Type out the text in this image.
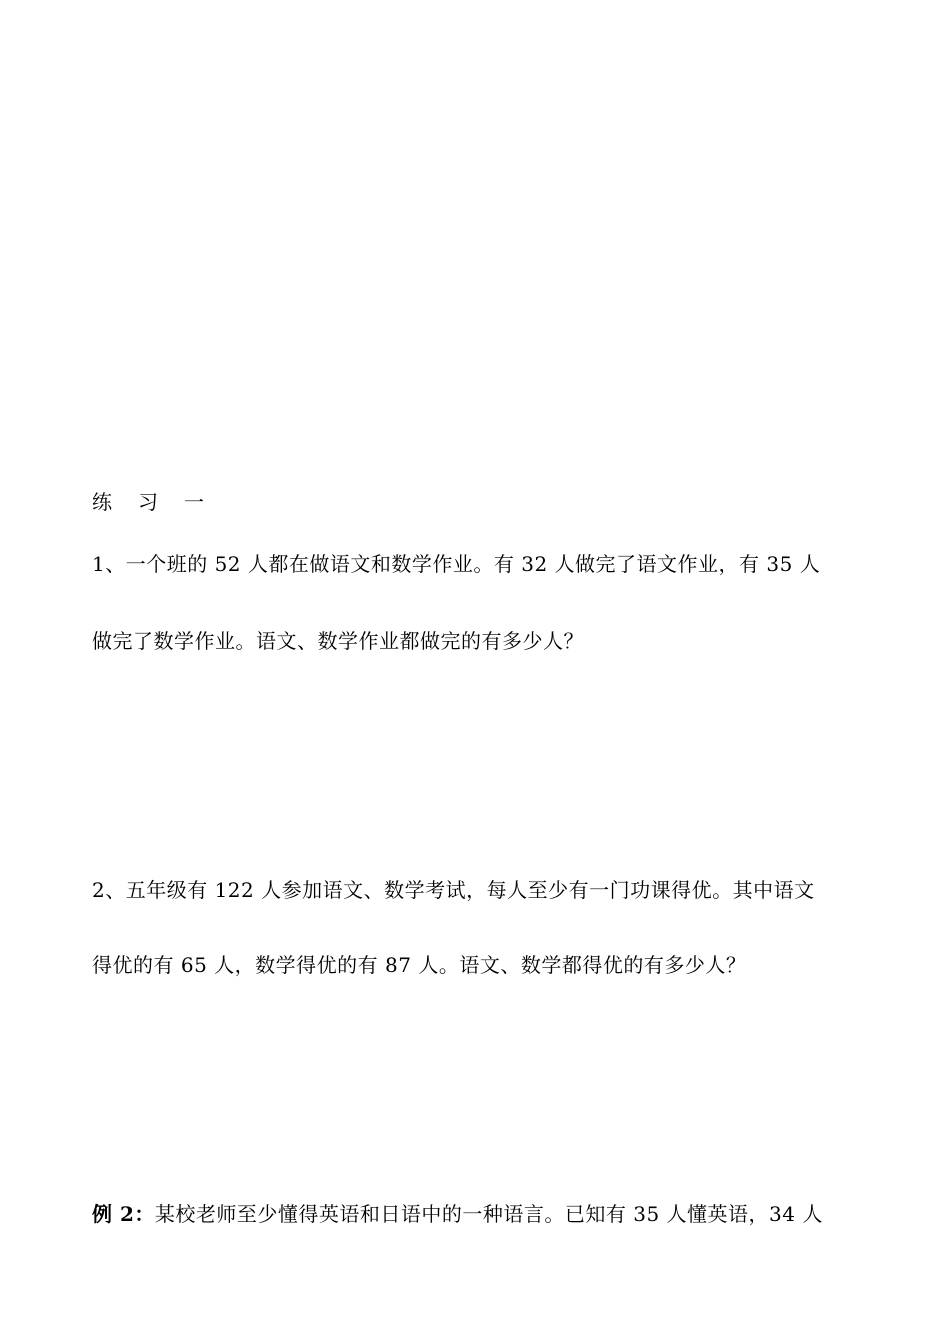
练 习 一
1、一个班的 52 人都在做语文和数学作业。有 32 人做完了语文作业，有 35 人
做完了数学作业。语文、数学作业都做完的有多少人？
2、五年级有 122 人参加语文、数学考试，每人至少有一门功课得优。其中语文
得优的有 65 人，数学得优的有 87 人。语文、数学都得优的有多少人？
例 2：某校老师至少懂得英语和日语中的一种语言。已知有 35 人懂英语，34 人
